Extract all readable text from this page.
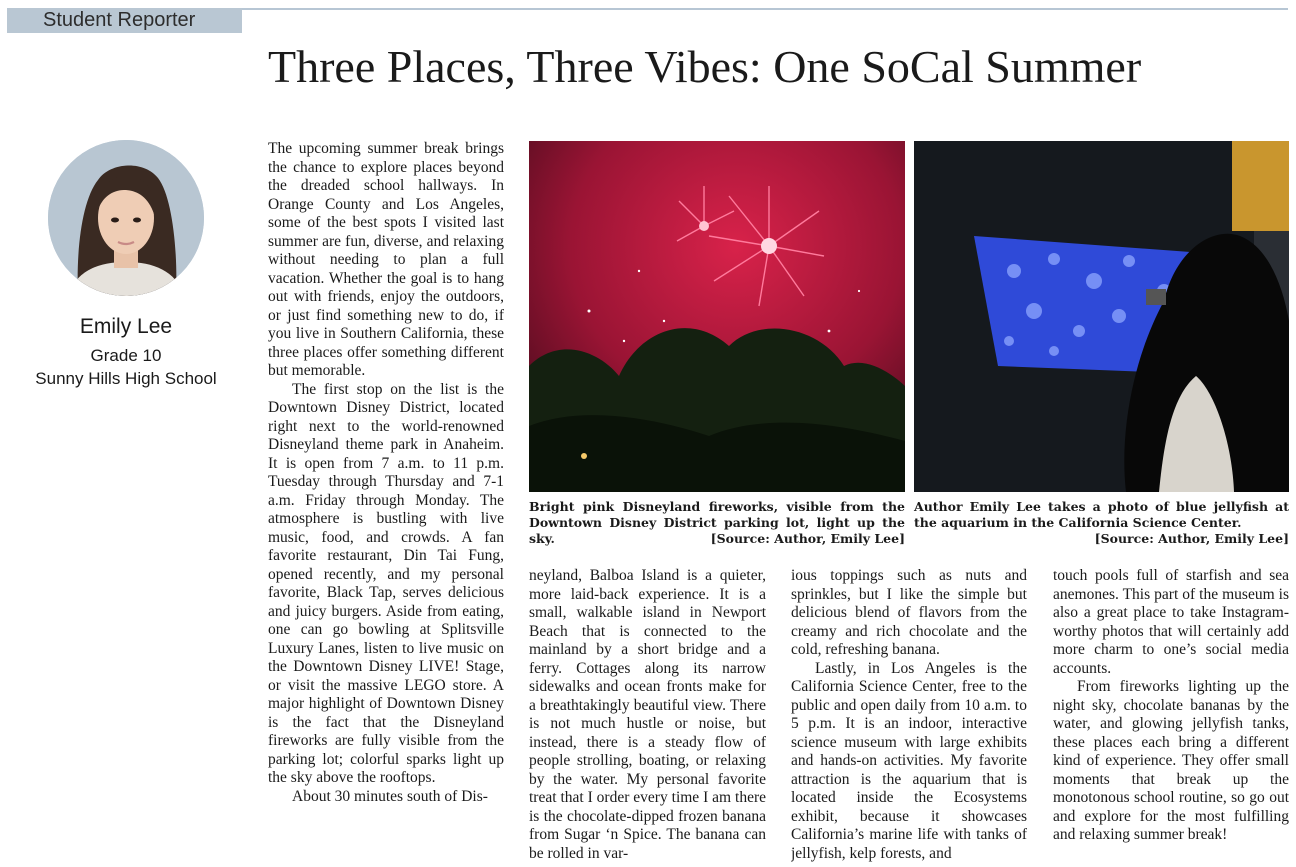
Student Reporter
Three Places, Three Vibes: One SoCal Summer
Emily Lee
Grade 10
Sunny Hills High School

The upcoming summer break brings the chance to explore places beyond the dreaded school hallways. In Orange County and Los Angeles, some of the best spots I visited last summer are fun, diverse, and relaxing without needing to plan a full vacation. Whether the goal is to hang out with friends, enjoy the outdoors, or just find something new to do, if you live in Southern California, these three places offer something different but memorable.

The first stop on the list is the Downtown Disney District, located right next to the world-renowned Disneyland theme park in Anaheim. It is open from 7 a.m. to 11 p.m. Tuesday through Thursday and 7-1 a.m. Friday through Monday. The atmosphere is bustling with live music, food, and crowds. A fan favorite restaurant, Din Tai Fung, opened recently, and my personal favorite, Black Tap, serves delicious and juicy burgers. Aside from eating, one can go bowling at Splitsville Luxury Lanes, listen to live music on the Downtown Disney LIVE! Stage, or visit the massive LEGO store. A major highlight of Downtown Disney is the fact that the Disneyland fireworks are fully visible from the parking lot; colorful sparks light up the sky above the rooftops.

About 30 minutes south of Dis-

Bright pink Disneyland fireworks, visible from the Downtown Disney District parking lot, light up the sky.	[Source: Author, Emily Lee]
Author Emily Lee takes a photo of blue jellyfish at the aquarium in the California Science Center.
[Source: Author, Emily Lee]

neyland, Balboa Island is a quieter, more laid-back experience. It is a small, walkable island in Newport Beach that is connected to the mainland by a short bridge and a ferry. Cottages along its narrow sidewalks and ocean fronts make for a breathtakingly beautiful view. There is not much hustle or noise, but instead, there is a steady flow of people strolling, boating, or relaxing by the water. My personal favorite treat that I order every time I am there is the chocolate-dipped frozen banana from Sugar ‘n Spice. The banana can be rolled in var-

ious toppings such as nuts and sprinkles, but I like the simple but delicious blend of flavors from the creamy and rich chocolate and the cold, refreshing banana.

Lastly, in Los Angeles is the California Science Center, free to the public and open daily from 10 a.m. to 5 p.m. It is an indoor, interactive science museum with large exhibits and hands-on activities. My favorite attraction is the aquarium that is located inside the Ecosystems exhibit, because it showcases California’s marine life with tanks of jellyfish, kelp forests, and

touch pools full of starfish and sea anemones. This part of the museum is also a great place to take Instagram-worthy photos that will certainly add more charm to one’s social media accounts.

From fireworks lighting up the night sky, chocolate bananas by the water, and glowing jellyfish tanks, these places each bring a different kind of experience. They offer small moments that break up the monotonous school routine, so go out and explore for the most fulfilling and relaxing summer break!
